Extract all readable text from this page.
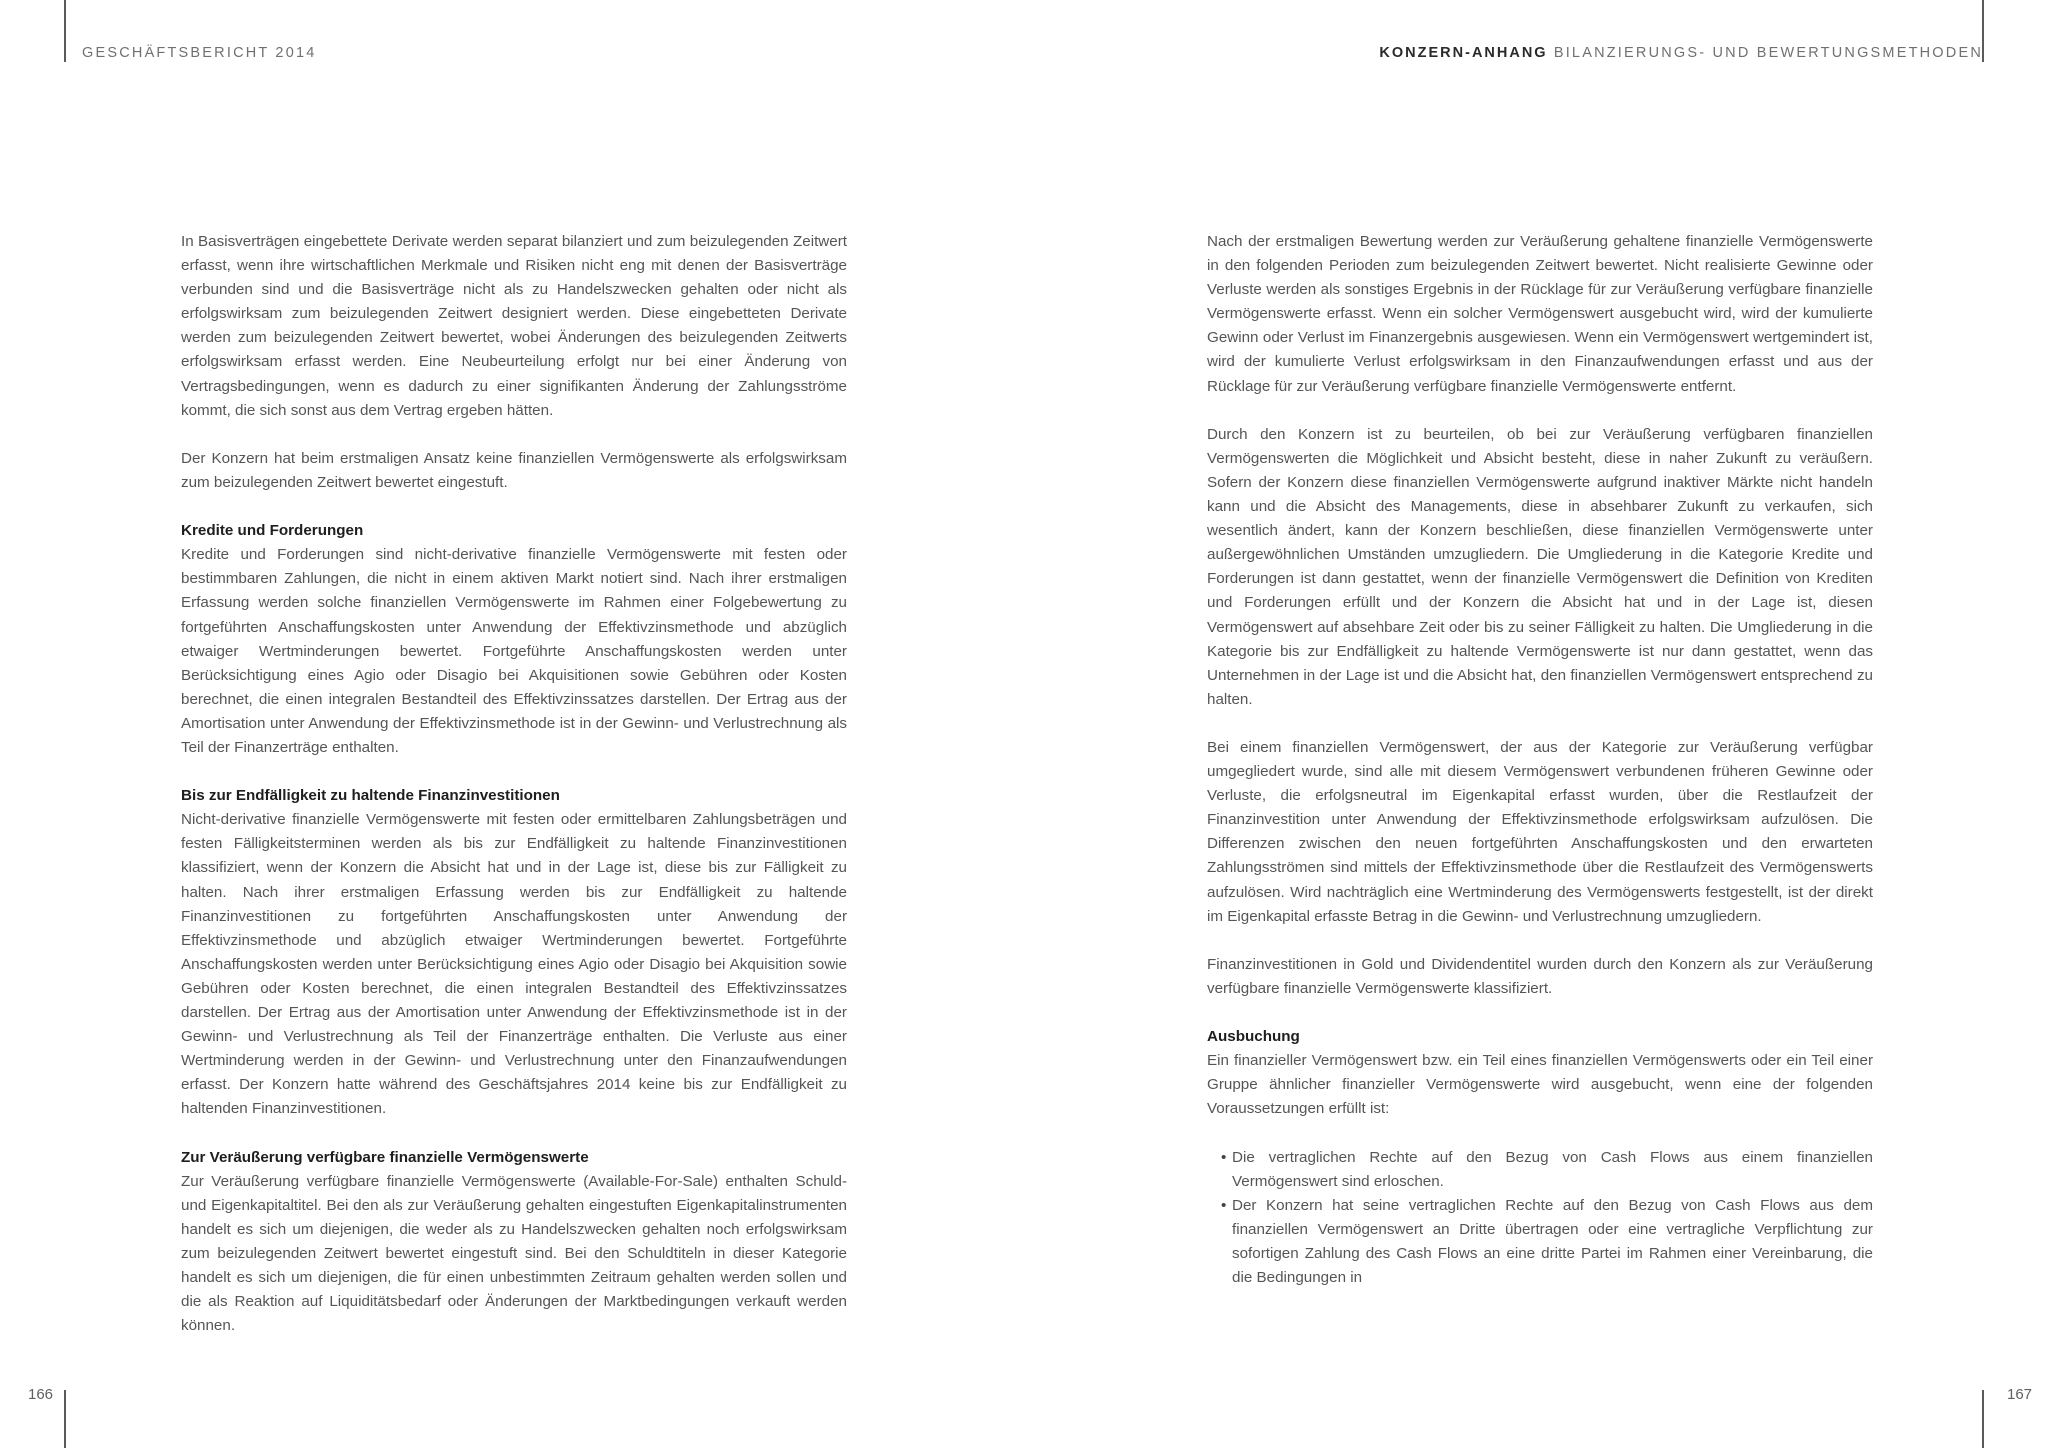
GESCHÄFTSBERICHT 2014	KONZERN-ANHANG BILANZIERUNGS- UND BEWERTUNGSMETHODEN

In Basisverträgen eingebettete Derivate werden separat bilanziert und zum beizulegenden Zeitwert erfasst, wenn ihre wirtschaftlichen Merkmale und Risiken nicht eng mit denen der Basisverträge verbunden sind und die Basisverträge nicht als zu Handelszwecken gehalten oder nicht als erfolgswirksam zum beizulegenden Zeitwert designiert werden. Diese eingebetteten Derivate werden zum beizulegenden Zeitwert bewertet, wobei Änderungen des beizulegenden Zeitwerts erfolgswirksam erfasst werden. Eine Neubeurteilung erfolgt nur bei einer Änderung von Vertragsbedingungen, wenn es dadurch zu einer signifikanten Änderung der Zahlungsströme kommt, die sich sonst aus dem Vertrag ergeben hätten.

Der Konzern hat beim erstmaligen Ansatz keine finanziellen Vermögenswerte als erfolgswirksam zum beizulegenden Zeitwert bewertet eingestuft.

Kredite und Forderungen

Kredite und Forderungen sind nicht-derivative finanzielle Vermögenswerte mit festen oder bestimmbaren Zahlungen, die nicht in einem aktiven Markt notiert sind. Nach ihrer erstmaligen Erfassung werden solche finanziellen Vermögenswerte im Rahmen einer Folgebewertung zu fortgeführten Anschaffungskosten unter Anwendung der Effektivzinsmethode und abzüglich etwaiger Wertminderungen bewertet. Fortgeführte Anschaffungskosten werden unter Berücksichtigung eines Agio oder Disagio bei Akquisitionen sowie Gebühren oder Kosten berechnet, die einen integralen Bestandteil des Effektivzinssatzes darstellen. Der Ertrag aus der Amortisation unter Anwendung der Effektivzinsmethode ist in der Gewinn- und Verlustrechnung als Teil der Finanzerträge enthalten.

Bis zur Endfälligkeit zu haltende Finanzinvestitionen

Nicht-derivative finanzielle Vermögenswerte mit festen oder ermittelbaren Zahlungsbeträgen und festen Fälligkeitsterminen werden als bis zur Endfälligkeit zu haltende Finanzinvestitionen klassifiziert, wenn der Konzern die Absicht hat und in der Lage ist, diese bis zur Fälligkeit zu halten. Nach ihrer erstmaligen Erfassung werden bis zur Endfälligkeit zu haltende Finanzinvestitionen zu fortgeführten Anschaffungskosten unter Anwendung der Effektivzinsmethode und abzüglich etwaiger Wertminderungen bewertet. Fortgeführte Anschaffungskosten werden unter Berücksichtigung eines Agio oder Disagio bei Akquisition sowie Gebühren oder Kosten berechnet, die einen integralen Bestandteil des Effektivzinssatzes darstellen. Der Ertrag aus der Amortisation unter Anwendung der Effektivzinsmethode ist in der Gewinn- und Verlustrechnung als Teil der Finanzerträge enthalten. Die Verluste aus einer Wertminderung werden in der Gewinn- und Verlustrechnung unter den Finanzaufwendungen erfasst. Der Konzern hatte während des Geschäftsjahres 2014 keine bis zur Endfälligkeit zu haltenden Finanzinvestitionen.

Zur Veräußerung verfügbare finanzielle Vermögenswerte

Zur Veräußerung verfügbare finanzielle Vermögenswerte (Available-For-Sale) enthalten Schuld- und Eigenkapitaltitel. Bei den als zur Veräußerung gehalten eingestuften Eigenkapitalinstrumenten handelt es sich um diejenigen, die weder als zu Handelszwecken gehalten noch erfolgswirksam zum beizulegenden Zeitwert bewertet eingestuft sind. Bei den Schuldtiteln in dieser Kategorie handelt es sich um diejenigen, die für einen unbestimmten Zeitraum gehalten werden sollen und die als Reaktion auf Liquiditätsbedarf oder Änderungen der Marktbedingungen verkauft werden können.

Nach der erstmaligen Bewertung werden zur Veräußerung gehaltene finanzielle Vermögenswerte in den folgenden Perioden zum beizulegenden Zeitwert bewertet. Nicht realisierte Gewinne oder Verluste werden als sonstiges Ergebnis in der Rücklage für zur Veräußerung verfügbare finanzielle Vermögenswerte erfasst. Wenn ein solcher Vermögenswert ausgebucht wird, wird der kumulierte Gewinn oder Verlust im Finanzergebnis ausgewiesen. Wenn ein Vermögenswert wertgemindert ist, wird der kumulierte Verlust erfolgswirksam in den Finanzaufwendungen erfasst und aus der Rücklage für zur Veräußerung verfügbare finanzielle Vermögenswerte entfernt.

Durch den Konzern ist zu beurteilen, ob bei zur Veräußerung verfügbaren finanziellen Vermögenswerten die Möglichkeit und Absicht besteht, diese in naher Zukunft zu veräußern. Sofern der Konzern diese finanziellen Vermögenswerte aufgrund inaktiver Märkte nicht handeln kann und die Absicht des Managements, diese in absehbarer Zukunft zu verkaufen, sich wesentlich ändert, kann der Konzern beschließen, diese finanziellen Vermögenswerte unter außergewöhnlichen Umständen umzugliedern. Die Umgliederung in die Kategorie Kredite und Forderungen ist dann gestattet, wenn der finanzielle Vermögenswert die Definition von Krediten und Forderungen erfüllt und der Konzern die Absicht hat und in der Lage ist, diesen Vermögenswert auf absehbare Zeit oder bis zu seiner Fälligkeit zu halten. Die Umgliederung in die Kategorie bis zur Endfälligkeit zu haltende Vermögenswerte ist nur dann gestattet, wenn das Unternehmen in der Lage ist und die Absicht hat, den finanziellen Vermögenswert entsprechend zu halten.

Bei einem finanziellen Vermögenswert, der aus der Kategorie zur Veräußerung verfügbar umgegliedert wurde, sind alle mit diesem Vermögenswert verbundenen früheren Gewinne oder Verluste, die erfolgsneutral im Eigenkapital erfasst wurden, über die Restlaufzeit der Finanzinvestition unter Anwendung der Effektivzinsmethode erfolgswirksam aufzulösen. Die Differenzen zwischen den neuen fortgeführten Anschaffungskosten und den erwarteten Zahlungsströmen sind mittels der Effektivzinsmethode über die Restlaufzeit des Vermögenswerts aufzulösen. Wird nachträglich eine Wertminderung des Vermögenswerts festgestellt, ist der direkt im Eigenkapital erfasste Betrag in die Gewinn- und Verlustrechnung umzugliedern.

Finanzinvestitionen in Gold und Dividendentitel wurden durch den Konzern als zur Veräußerung verfügbare finanzielle Vermögenswerte klassifiziert.

Ausbuchung

Ein finanzieller Vermögenswert bzw. ein Teil eines finanziellen Vermögenswerts oder ein Teil einer Gruppe ähnlicher finanzieller Vermögenswerte wird ausgebucht, wenn eine der folgenden Voraussetzungen erfüllt ist:

• Die vertraglichen Rechte auf den Bezug von Cash Flows aus einem finanziellen Vermögenswert sind erloschen.
• Der Konzern hat seine vertraglichen Rechte auf den Bezug von Cash Flows aus dem finanziellen Vermögenswert an Dritte übertragen oder eine vertragliche Verpflichtung zur sofortigen Zahlung des Cash Flows an eine dritte Partei im Rahmen einer Vereinbarung, die die Bedingungen in
166	167
